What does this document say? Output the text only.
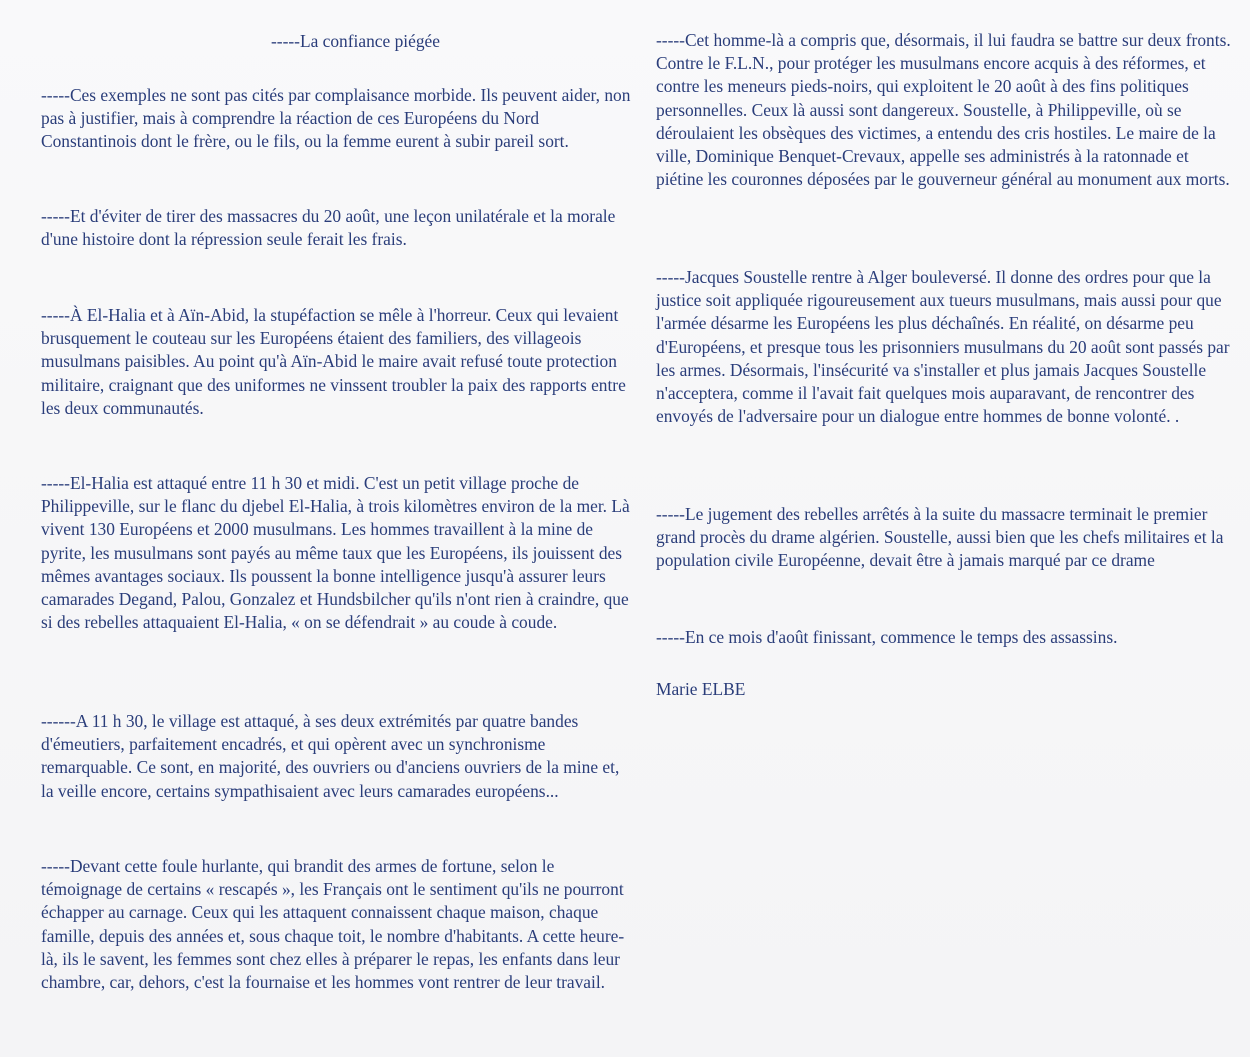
-----La confiance piégée

-----Ces exemples ne sont pas cités par complaisance morbide. Ils peuvent aider, non pas à justifier, mais à comprendre la réaction de ces Européens du Nord Constantinois dont le frère, ou le fils, ou la femme eurent à subir pareil sort.

-----Et d'éviter de tirer des massacres du 20 août, une leçon unilatérale et la morale d'une histoire dont la répression seule ferait les frais.

-----À El-Halia et à Aïn-Abid, la stupéfaction se mêle à l'horreur. Ceux qui levaient brusquement le couteau sur les Européens étaient des familiers, des villageois musulmans paisibles. Au point qu'à Aïn-Abid le maire avait refusé toute protection militaire, craignant que des uniformes ne vinssent troubler la paix des rapports entre les deux communautés.

-----El-Halia est attaqué entre 11 h 30 et midi. C'est un petit village proche de Philippeville, sur le flanc du djebel El-Halia, à trois kilomètres environ de la mer. Là vivent 130 Européens et 2000 musulmans. Les hommes travaillent à la mine de pyrite, les musulmans sont payés au même taux que les Européens, ils jouissent des mêmes avantages sociaux. Ils poussent la bonne intelligence jusqu'à assurer leurs camarades Degand, Palou, Gonzalez et Hundsbilcher qu'ils n'ont rien à craindre, que si des rebelles attaquaient El-Halia, « on se défendrait » au coude à coude.

------A 11 h 30, le village est attaqué, à ses deux extrémités par quatre bandes d'émeutiers, parfaitement encadrés, et qui opèrent avec un synchronisme remarquable. Ce sont, en majorité, des ouvriers ou d'anciens ouvriers de la mine et, la veille encore, certains sympathisaient avec leurs camarades européens...

-----Devant cette foule hurlante, qui brandit des armes de fortune, selon le témoignage de certains « rescapés », les Français ont le sentiment qu'ils ne pourront échapper au carnage. Ceux qui les attaquent connaissent chaque maison, chaque famille, depuis des années et, sous chaque toit, le nombre d'habitants. A cette heure-là, ils le savent, les femmes sont chez elles à préparer le repas, les enfants dans leur chambre, car, dehors, c'est la fournaise et les hommes vont rentrer de leur travail.

-----Cet homme-là a compris que, désormais, il lui faudra se battre sur deux fronts. Contre le F.L.N., pour protéger les musulmans encore acquis à des réformes, et contre les meneurs pieds-noirs, qui exploitent le 20 août à des fins politiques personnelles. Ceux là aussi sont dangereux. Soustelle, à Philippeville, où se déroulaient les obsèques des victimes, a entendu des cris hostiles. Le maire de la ville, Dominique Benquet-Crevaux, appelle ses administrés à la ratonnade et piétine les couronnes déposées par le gouverneur général au monument aux morts.

-----Jacques Soustelle rentre à Alger bouleversé. Il donne des ordres pour que la justice soit appliquée rigoureusement aux tueurs musulmans, mais aussi pour que l'armée désarme les Européens les plus déchaînés. En réalité, on désarme peu d'Européens, et presque tous les prisonniers musulmans du 20 août sont passés par les armes. Désormais, l'insécurité va s'installer et plus jamais Jacques Soustelle n'acceptera, comme il l'avait fait quelques mois auparavant, de rencontrer des envoyés de l'adversaire pour un dialogue entre hommes de bonne volonté. .

-----Le jugement des rebelles arrêtés à la suite du massacre terminait le premier grand procès du drame algérien. Soustelle, aussi bien que les chefs militaires et la population civile Européenne, devait être à jamais marqué par ce drame

-----En ce mois d'août finissant, commence le temps des assassins.

Marie ELBE
